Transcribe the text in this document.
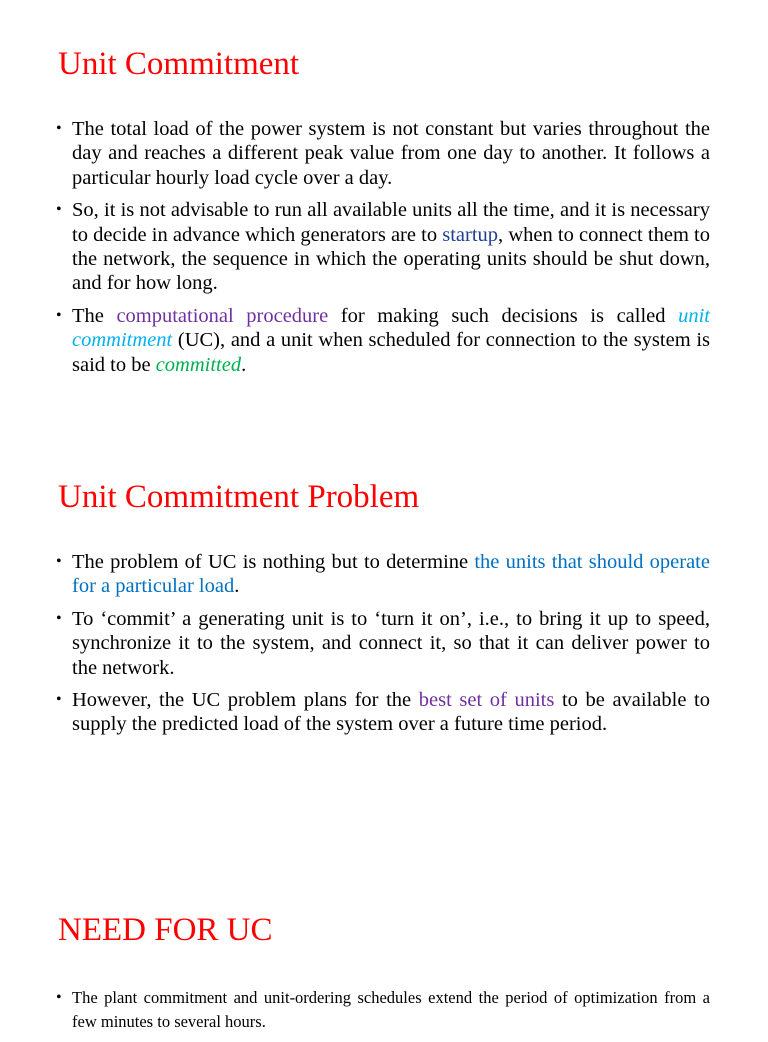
Unit Commitment
• The total load of the power system is not constant but varies throughout the day and reaches a different peak value from one day to another. It follows a particular hourly load cycle over a day.
• So, it is not advisable to run all available units all the time, and it is necessary to decide in advance which generators are to startup, when to connect them to the network, the sequence in which the operating units should be shut down, and for how long.
• The computational procedure for making such decisions is called unit commitment (UC), and a unit when scheduled for connection to the system is said to be committed.
Unit Commitment Problem
• The problem of UC is nothing but to determine the units that should operate for a particular load.
• To ‘commit’ a generating unit is to ‘turn it on’, i.e., to bring it up to speed, synchronize it to the system, and connect it, so that it can deliver power to the network.
• However, the UC problem plans for the best set of units to be available to supply the predicted load of the system over a future time period.
NEED FOR UC
• The plant commitment and unit-ordering schedules extend the period of optimization from a few minutes to several hours.
